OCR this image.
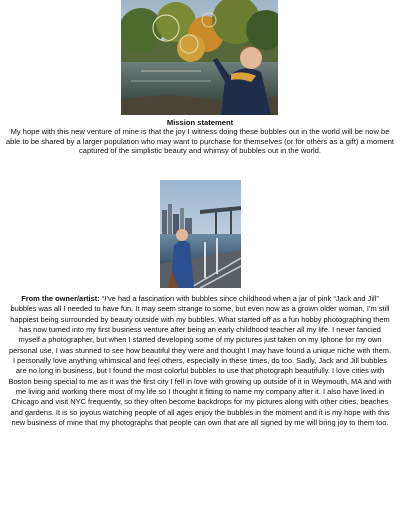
Mission statement

My hope with this new venture of mine is that the joy I witness doing these bubbles out in the world will be now be able to be shared by a larger population who may want to purchase for themselves (or for others as a gift) a moment captured of the simplistic beauty and whimsy of bubbles out in the world.

From the owner/artist: “I’ve had a fascination with bubbles since childhood when a jar of pink “Jack and Jill” bubbles was all I needed to have fun. It may seem strange to some, but even now as a grown older woman, I’m still happiest being surrounded by beauty outside with my bubbles. What started off as a fun hobby photographing them has now turned into my first business venture after being an early childhood teacher all my life. I never fancied myself a photographer, but when I started developing some of my pictures just taken on my Iphone for my own personal use, I was stunned to see how beautiful they were and thought I may have found a unique niche with them. I personally love anything whimsical and feel others, especially in these times, do too. Sadly, Jack and Jill bubbles are no long in business, but I found the most colorful bubbles to use that photograph beautifully. I love cities with Boston being special to me as it was the first city I fell in love with growing up outside of it in Weymouth, MA and with me living and working there most of my life so I thought it fitting to name my company after it. I also have lived in Chicago and visit NYC frequently, so they often become backdrops for my pictures along with other cities, beaches and gardens. It is so joyous watching people of all ages enjoy the bubbles in the moment and it is my hope with this new business of mine that my photographs that people can own that are all signed by me will bring joy to them too.
